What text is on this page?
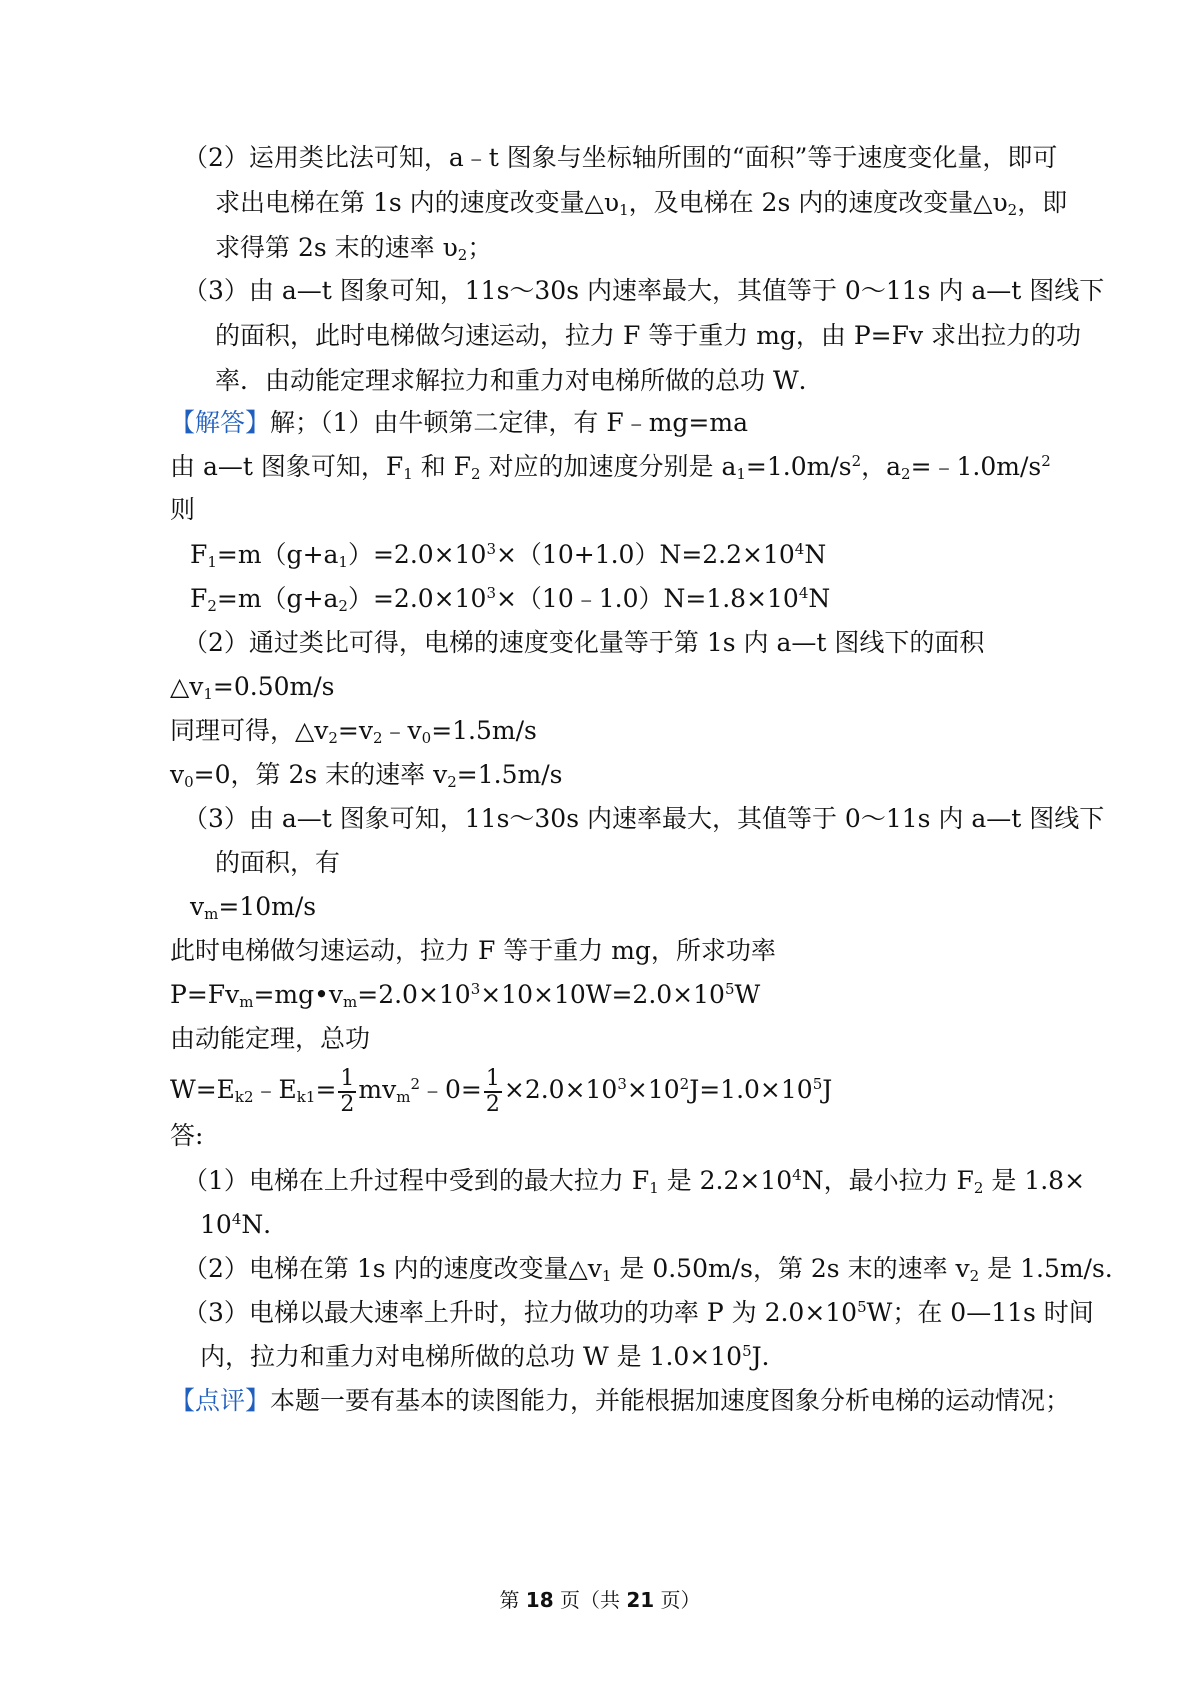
（2）运用类比法可知，a﹣t 图象与坐标轴所围的“面积”等于速度变化量，即可
求出电梯在第 1s 内的速度改变量$\triangle\upsilon_1$，及电梯在 2s 内的速度改变量$\triangle\upsilon_2$，即
求得第 2s 末的速率 $\upsilon_2$；
（3）由 a—t 图象可知，11s～30s 内速率最大，其值等于 0～11s 内 a—t 图线下
的面积，此时电梯做匀速运动，拉力 F 等于重力 mg，由 P=Fv 求出拉力的功
率．由动能定理求解拉力和重力对电梯所做的总功 W．
【解答】解；（1）由牛顿第二定律，有 F﹣mg=ma
由 a—t 图象可知，$F_1$ 和 $F_2$ 对应的加速度分别是 $a_1=1.0m/s^2$，$a_2=﹣1.0m/s^2$
则
$F_1=m(g+a_1)=2.0\times 10^3\times(10+1.0)N=2.2\times 10^4N$
$F_2=m(g+a_2)=2.0\times 10^3\times(10﹣1.0)N=1.8\times 10^4N$
（2）通过类比可得，电梯的速度变化量等于第 1s 内 a—t 图线下的面积
$\triangle v_1=0.50m/s$
同理可得，$\triangle v_2=v_2﹣v_0=1.5m/s$
$v_0=0$，第 2s 末的速率 $v_2=1.5m/s$
（3）由 a—t 图象可知，11s～30s 内速率最大，其值等于 0～11s 内 a—t 图线下
的面积，有
$v_m=10m/s$
此时电梯做匀速运动，拉力 F 等于重力 mg，所求功率
$P=Fv_m=mg•v_m=2.0\times 10^3\times 10\times 10W=2.0\times 10^5W$
由动能定理，总功
$W=E_{k2}﹣E_{k1}= \frac{1}{2}$ $mv_m^2﹣0= \frac{1}{2} \times 2.0\times 10^3\times 10^2J=1.0\times 10^5J$
答:
（1）电梯在上升过程中受到的最大拉力 $F_1$ 是 $2.2\times 10^4N$，最小拉力 $F_2$ 是 1.8×
$10^4N$．
（2）电梯在第 1s 内的速度改变量$\triangle v_1$ 是 0.50m/s，第 2s 末的速率 $v_2$ 是 1.5m/s．
（3）电梯以最大速率上升时，拉力做功的功率 P 为 $2.0\times 10^5W$；在 0—11s 时间
内，拉力和重力对电梯所做的总功 W 是 $1.0\times 10^5J$．
【点评】本题一要有基本的读图能力，并能根据加速度图象分析电梯的运动情况；
第 18 页（共 21 页）
